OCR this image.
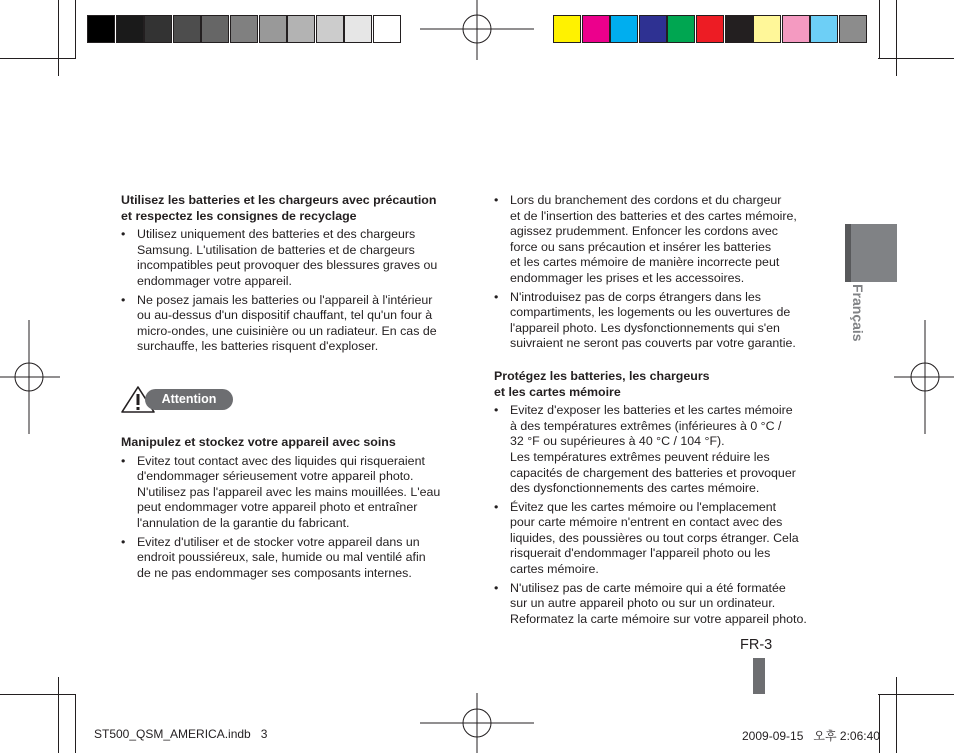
Utilisez les batteries et les chargeurs avec précaution
et respectez les consignes de recyclage

• Utilisez uniquement des batteries et des chargeurs
Samsung. L'utilisation de batteries et de chargeurs
incompatibles peut provoquer des blessures graves ou
endommager votre appareil.
• Ne posez jamais les batteries ou l'appareil à l'intérieur
ou au-dessus d'un dispositif chauffant, tel qu'un four à
micro-ondes, une cuisinière ou un radiateur. En cas de
surchauffe, les batteries risquent d'exploser.
Attention

Manipulez et stockez votre appareil avec soins

• Evitez tout contact avec des liquides qui risqueraient
d'endommager sérieusement votre appareil photo.
N'utilisez pas l'appareil avec les mains mouillées. L'eau
peut endommager votre appareil photo et entraîner
l'annulation de la garantie du fabricant.
• Evitez d'utiliser et de stocker votre appareil dans un
endroit poussiéreux, sale, humide ou mal ventilé afin
de ne pas endommager ses composants internes.
• Lors du branchement des cordons et du chargeur
et de l'insertion des batteries et des cartes mémoire,
agissez prudemment. Enfoncer les cordons avec
force ou sans précaution et insérer les batteries
et les cartes mémoire de manière incorrecte peut
endommager les prises et les accessoires.
• N'introduisez pas de corps étrangers dans les
compartiments, les logements ou les ouvertures de
l'appareil photo. Les dysfonctionnements qui s'en
suivraient ne seront pas couverts par votre garantie.

Protégez les batteries, les chargeurs
et les cartes mémoire

• Evitez d'exposer les batteries et les cartes mémoire
à des températures extrêmes (inférieures à 0 °C /
32 °F ou supérieures à 40 °C / 104 °F).
Les températures extrêmes peuvent réduire les
capacités de chargement des batteries et provoquer
des dysfonctionnements des cartes mémoire.
• Évitez que les cartes mémoire ou l'emplacement
pour carte mémoire n'entrent en contact avec des
liquides, des poussières ou tout corps étranger. Cela
risquerait d'endommager l'appareil photo ou les
cartes mémoire.
• N'utilisez pas de carte mémoire qui a été formatée
sur un autre appareil photo ou sur un ordinateur.
Reformatez la carte mémoire sur votre appareil photo.
Français
FR-3
ST500_QSM_AMERICA.indb 3	2009-09-15   오후 2:06:40
